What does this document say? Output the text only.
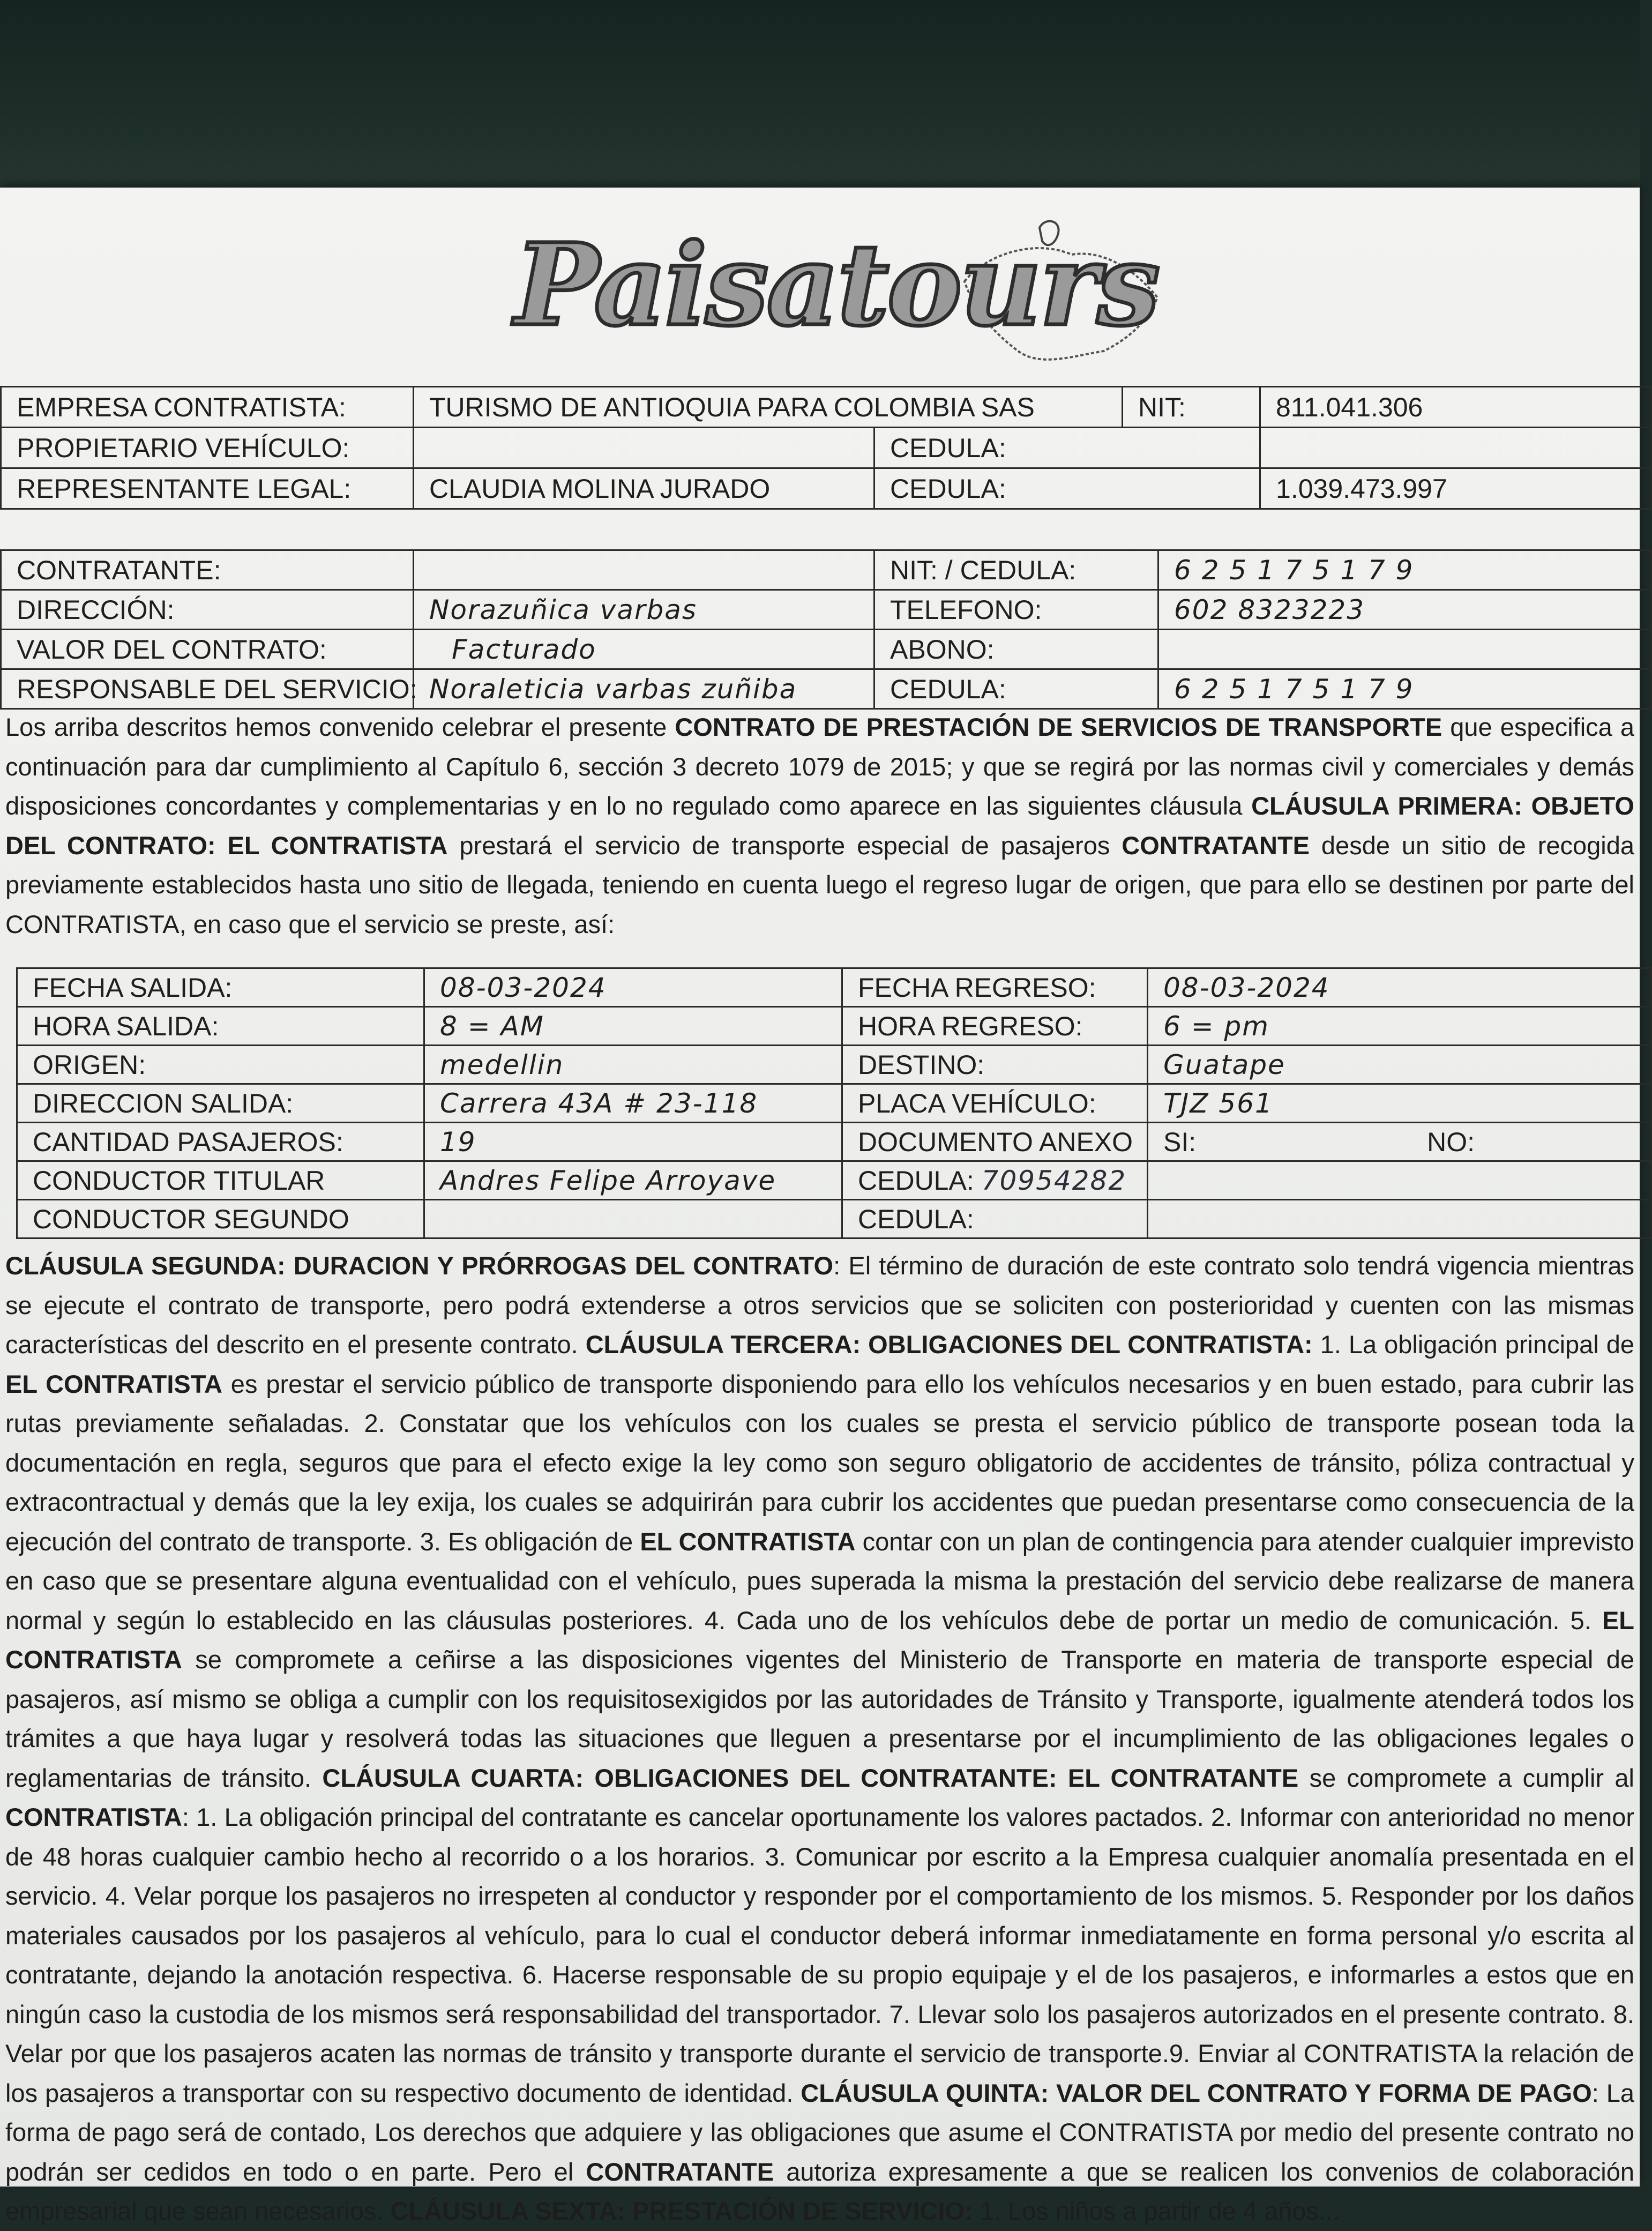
Paisatours
EMPRESA CONTRATISTA:	TURISMO DE ANTIOQUIA PARA COLOMBIA SAS		NIT:	811.041.306
PROPIETARIO VEHÍCULO:		CEDULA:		
REPRESENTANTE LEGAL:	CLAUDIA MOLINA JURADO	CEDULA:		1.039.473.997
CONTRATANTE:		NIT: / CEDULA:	6 2 5 1 7 5 1 7 9
DIRECCIÓN:	Norazuñica varbas	TELEFONO:	602 8323223
VALOR DEL CONTRATO:	Facturado	ABONO:	
RESPONSABLE DEL SERVICIO:	Noraleticia varbas zuñiba	CEDULA:	6 2 5 1 7 5 1 7 9
Los arriba descritos hemos convenido celebrar el presente CONTRATO DE PRESTACIÓN DE SERVICIOS DE TRANSPORTE que especifica a continuación para dar cumplimiento al Capítulo 6, sección 3 decreto 1079 de 2015; y que se regirá por las normas civil y comerciales y demás disposiciones concordantes y complementarias y en lo no regulado como aparece en las siguientes cláusula CLÁUSULA PRIMERA: OBJETO DEL CONTRATO: EL CONTRATISTA prestará el servicio de transporte especial de pasajeros CONTRATANTE desde un sitio de recogida previamente establecidos hasta uno sitio de llegada, teniendo en cuenta luego el regreso lugar de origen, que para ello se destinen por parte del CONTRATISTA, en caso que el servicio se preste, así:
FECHA SALIDA:	08-03-2024	FECHA REGRESO:	08-03-2024
HORA SALIDA:	8 = AM	HORA REGRESO:	6 = pm
ORIGEN:	medellin	DESTINO:	Guatape
DIRECCION SALIDA:	Carrera 43A # 23-118	PLACA VEHÍCULO:	TJZ 561
CANTIDAD PASAJEROS:	19	DOCUMENTO ANEXO	SI: NO:

CONDUCTOR TITULAR	Andres Felipe Arroyave	CEDULA: 70954282	
CONDUCTOR SEGUNDO		CEDULA:	
CLÁUSULA SEGUNDA: DURACION Y PRÓRROGAS DEL CONTRATO: El término de duración de este contrato solo tendrá vigencia mientras se ejecute el contrato de transporte, pero podrá extenderse a otros servicios que se soliciten con posterioridad y cuenten con las mismas características del descrito en el presente contrato. CLÁUSULA TERCERA: OBLIGACIONES DEL CONTRATISTA: 1. La obligación principal de EL CONTRATISTA es prestar el servicio público de transporte disponiendo para ello los vehículos necesarios y en buen estado, para cubrir las rutas previamente señaladas. 2. Constatar que los vehículos con los cuales se presta el servicio público de transporte posean toda la documentación en regla, seguros que para el efecto exige la ley como son seguro obligatorio de accidentes de tránsito, póliza contractual y extracontractual y demás que la ley exija, los cuales se adquirirán para cubrir los accidentes que puedan presentarse como consecuencia de la ejecución del contrato de transporte. 3. Es obligación de EL CONTRATISTA contar con un plan de contingencia para atender cualquier imprevisto en caso que se presentare alguna eventualidad con el vehículo, pues superada la misma la prestación del servicio debe realizarse de manera normal y según lo establecido en las cláusulas posteriores. 4. Cada uno de los vehículos debe de portar un medio de comunicación. 5. EL CONTRATISTA se compromete a ceñirse a las disposiciones vigentes del Ministerio de Transporte en materia de transporte especial de pasajeros, así mismo se obliga a cumplir con los requisitosexigidos por las autoridades de Tránsito y Transporte, igualmente atenderá todos los trámites a que haya lugar y resolverá todas las situaciones que lleguen a presentarse por el incumplimiento de las obligaciones legales o reglamentarias de tránsito. CLÁUSULA CUARTA: OBLIGACIONES DEL CONTRATANTE: EL CONTRATANTE se compromete a cumplir al CONTRATISTA: 1. La obligación principal del contratante es cancelar oportunamente los valores pactados. 2. Informar con anterioridad no menor de 48 horas cualquier cambio hecho al recorrido o a los horarios. 3. Comunicar por escrito a la Empresa cualquier anomalía presentada en el servicio. 4. Velar porque los pasajeros no irrespeten al conductor y responder por el comportamiento de los mismos. 5. Responder por los daños materiales causados por los pasajeros al vehículo, para lo cual el conductor deberá informar inmediatamente en forma personal y/o escrita al contratante, dejando la anotación respectiva. 6. Hacerse responsable de su propio equipaje y el de los pasajeros, e informarles a estos que en ningún caso la custodia de los mismos será responsabilidad del transportador. 7. Llevar solo los pasajeros autorizados en el presente contrato. 8. Velar por que los pasajeros acaten las normas de tránsito y transporte durante el servicio de transporte.9. Enviar al CONTRATISTA la relación de los pasajeros a transportar con su respectivo documento de identidad. CLÁUSULA QUINTA: VALOR DEL CONTRATO Y FORMA DE PAGO: La forma de pago será de contado, Los derechos que adquiere y las obligaciones que asume el CONTRATISTA por medio del presente contrato no podrán ser cedidos en todo o en parte. Pero el CONTRATANTE autoriza expresamente a que se realicen los convenios de colaboración empresarial que sean necesarios. CLÁUSULA SEXTA: PRESTACIÓN DE SERVICIO: 1. Los niños a partir de 4 años...
